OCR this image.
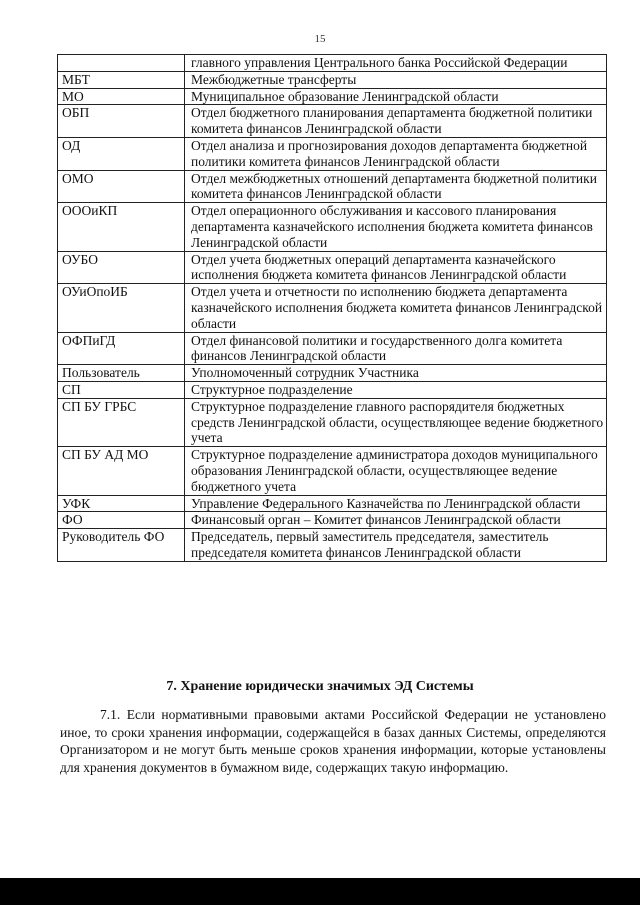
15
	главного управления Центрального банка Российской Федерации
МБТ	Межбюджетные трансферты
МО	Муниципальное образование Ленинградской области
ОБП	Отдел бюджетного планирования департамента бюджетной политики комитета финансов Ленинградской области
ОД	Отдел анализа и прогнозирования доходов департамента бюджетной политики комитета финансов Ленинградской области
ОМО	Отдел межбюджетных отношений департамента бюджетной политики комитета финансов Ленинградской области
ОООиКП	Отдел операционного обслуживания и кассового планирования департамента казначейского исполнения бюджета комитета финансов Ленинградской области
ОУБО	Отдел учета бюджетных операций департамента казначейского исполнения бюджета комитета финансов Ленинградской области
ОУиОпоИБ	Отдел учета и отчетности по исполнению бюджета департамента казначейского исполнения бюджета комитета финансов Ленинградской области
ОФПиГД	Отдел финансовой политики и государственного долга комитета финансов Ленинградской области
Пользователь	Уполномоченный сотрудник Участника
СП	Структурное подразделение
СП БУ ГРБС	Структурное подразделение главного распорядителя бюджетных средств Ленинградской области, осуществляющее ведение бюджетного учета
СП БУ АД МО	Структурное подразделение администратора доходов муниципального образования Ленинградской области, осуществляющее ведение бюджетного учета
УФК	Управление Федерального Казначейства по Ленинградской области
ФО	Финансовый орган – Комитет финансов Ленинградской области
Руководитель ФО	Председатель, первый заместитель председателя, заместитель председателя комитета финансов Ленинградской области
7. Хранение юридически значимых ЭД Системы

7.1. Если нормативными правовыми актами Российской Федерации не установлено иное, то сроки хранения информации, содержащейся в базах данных Системы, определяются Организатором и не могут быть меньше сроков хранения информации, которые установлены для хранения документов в бумажном виде, содержащих такую информацию.
